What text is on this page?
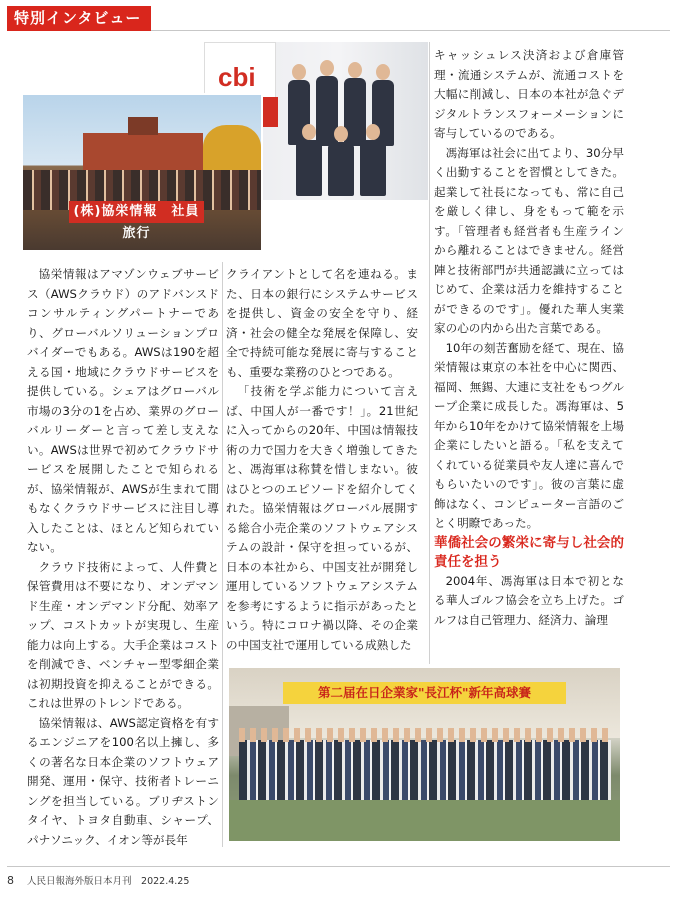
特別インタビュー
cbi
(株)協栄情報　社員旅行

協栄情報はアマゾンウェブサービス（AWSクラウド）のアドバンスドコンサルティングパートナーであり、グローバルソリューションプロバイダーでもある。AWSは190を超える国・地域にクラウドサービスを提供している。シェアはグローバル市場の3分の1を占め、業界のグローバルリーダーと言って差し支えない。AWSは世界で初めてクラウドサービスを展開したことで知られるが、協栄情報が、AWSが生まれて間もなくクラウドサービスに注目し導入したことは、ほとんど知られていない。

クラウド技術によって、人件費と保管費用は不要になり、オンデマンド生産・オンデマンド分配、効率アップ、コストカットが実現し、生産能力は向上する。大手企業はコストを削減でき、ベンチャー型零細企業は初期投資を抑えることができる。これは世界のトレンドである。

協栄情報は、AWS認定資格を有するエンジニアを100名以上擁し、多くの著名な日本企業のソフトウェア開発、運用・保守、技術者トレーニングを担当している。ブリヂストンタイヤ、トヨタ自動車、シャープ、パナソニック、イオン等が長年

クライアントとして名を連ねる。また、日本の銀行にシステムサービスを提供し、資金の安全を守り、経済・社会の健全な発展を保障し、安全で持続可能な発展に寄与することも、重要な業務のひとつである。

「技術を学ぶ能力について言えば、中国人が一番です！」。21世紀に入ってからの20年、中国は情報技術の力で国力を大きく増強してきたと、馮海軍は称賛を惜しまない。彼はひとつのエピソードを紹介してくれた。協栄情報はグローバル展開する総合小売企業のソフトウェアシステムの設計・保守を担っているが、日本の本社から、中国支社が開発し運用しているソフトウェアシステムを参考にするように指示があったという。特にコロナ禍以降、その企業の中国支社で運用している成熟した

キャッシュレス決済および倉庫管理・流通システムが、流通コストを大幅に削減し、日本の本社が急ぐデジタルトランスフォーメーションに寄与しているのである。

馮海軍は社会に出てより、30分早く出勤することを習慣としてきた。起業して社長になっても、常に自己を厳しく律し、身をもって範を示す。「管理者も経営者も生産ラインから離れることはできません。経営陣と技術部門が共通認識に立ってはじめて、企業は活力を維持することができるのです」。優れた華人実業家の心の内から出た言葉である。

10年の刻苦奮励を経て、現在、協栄情報は東京の本社を中心に関西、福岡、無錫、大連に支社をもつグループ企業に成長した。馮海軍は、5年から10年をかけて協栄情報を上場企業にしたいと語る。「私を支えてくれている従業員や友人達に喜んでもらいたいのです」。彼の言葉に虚飾はなく、コンピューター言語のごとく明瞭であった。

華僑社会の繁栄に寄与し社会的責任を担う

2004年、馮海軍は日本で初となる華人ゴルフ協会を立ち上げた。ゴルフは自己管理力、経済力、論理

第二届在日企業家"長江杯"新年高球賽
8 人民日報海外版日本月刊　2022.4.25
